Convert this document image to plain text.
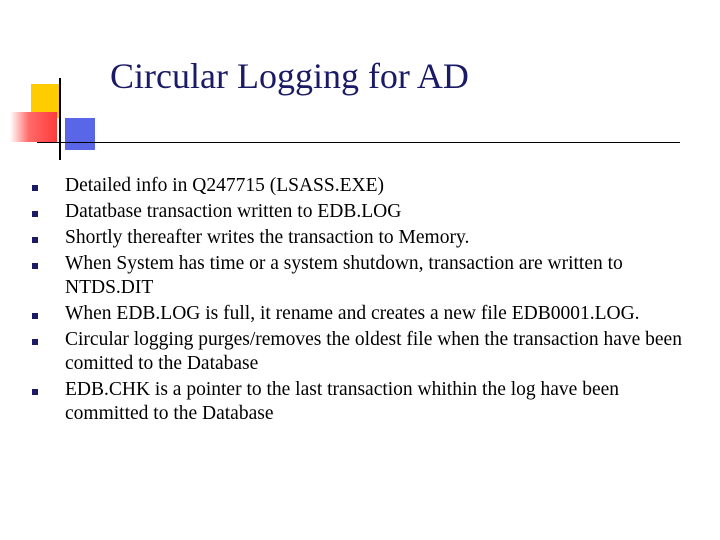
Circular Logging for AD
Detailed info in Q247715 (LSASS.EXE)
Datatbase transaction written to EDB.LOG
Shortly thereafter writes the transaction to Memory.
When System has time or a system shutdown, transaction are written to NTDS.DIT
When EDB.LOG is full, it rename and creates a new file EDB0001.LOG.
Circular logging purges/removes the oldest file when the transaction have been comitted to the Database
EDB.CHK is a pointer to the last transaction whithin the log have been committed to the Database
